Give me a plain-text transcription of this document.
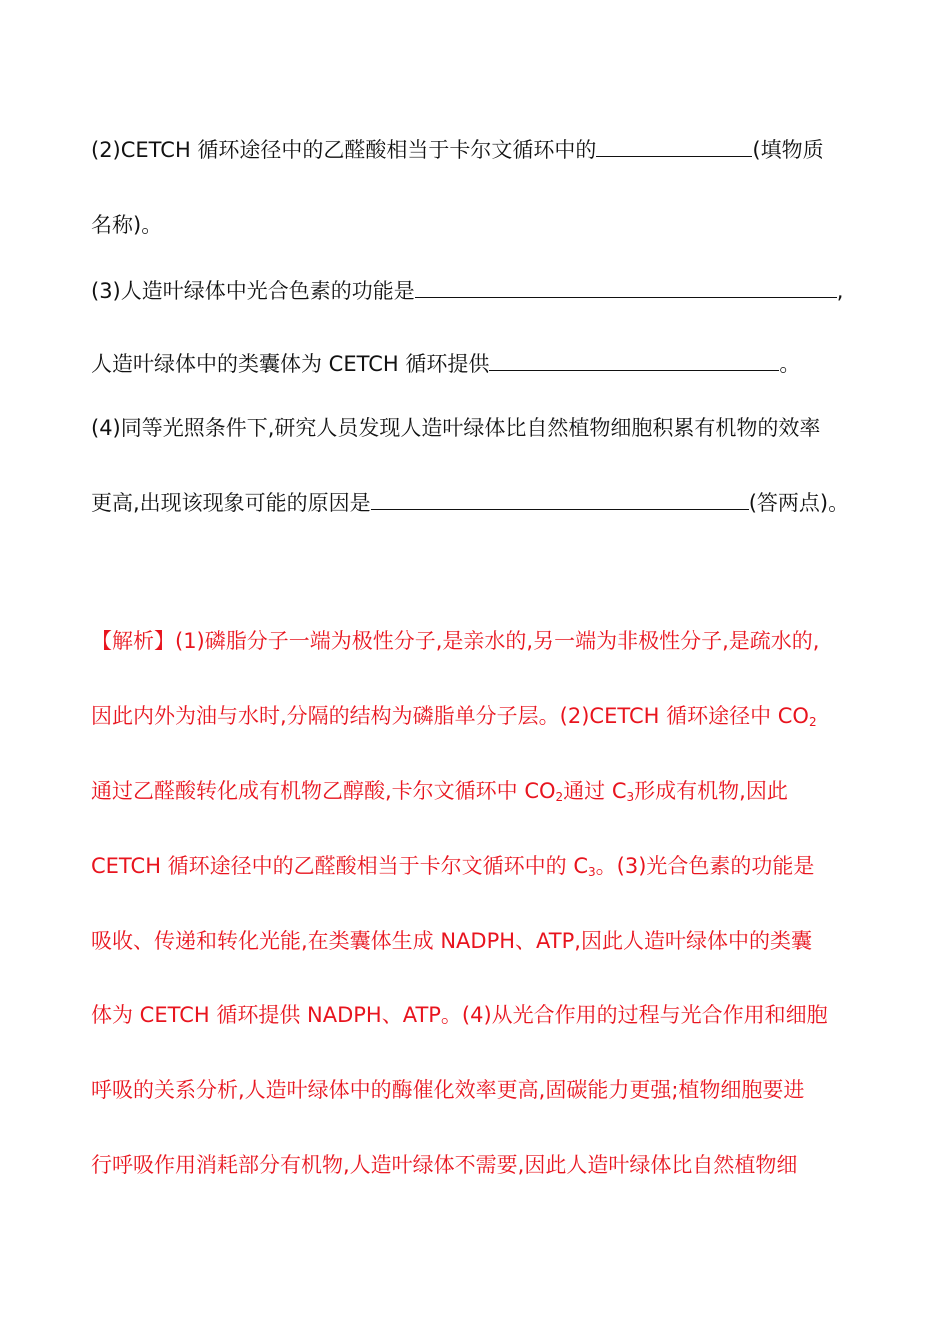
(2)CETCH 循环途径中的乙醛酸相当于卡尔文循环中的	(填物质
名称)。
(3)人造叶绿体中光合色素的功能是	,
人造叶绿体中的类囊体为 CETCH 循环提供	。
(4)同等光照条件下,研究人员发现人造叶绿体比自然植物细胞积累有机物的效率
更高,出现该现象可能的原因是	(答两点)。
【解析】(1)磷脂分子一端为极性分子,是亲水的,另一端为非极性分子,是疏水的,
因此内外为油与水时,分隔的结构为磷脂单分子层。(2)CETCH 循环途径中 $CO_2$
通过乙醛酸转化成有机物乙醇酸,卡尔文循环中 $CO_2$通过 $C_3$形成有机物,因此
CETCH 循环途径中的乙醛酸相当于卡尔文循环中的 $C_3$。(3)光合色素的功能是
吸收、传递和转化光能,在类囊体生成 NADPH、ATP,因此人造叶绿体中的类囊
体为 CETCH 循环提供 NADPH、ATP。(4)从光合作用的过程与光合作用和细胞
呼吸的关系分析,人造叶绿体中的酶催化效率更高,固碳能力更强;植物细胞要进
行呼吸作用消耗部分有机物,人造叶绿体不需要,因此人造叶绿体比自然植物细
